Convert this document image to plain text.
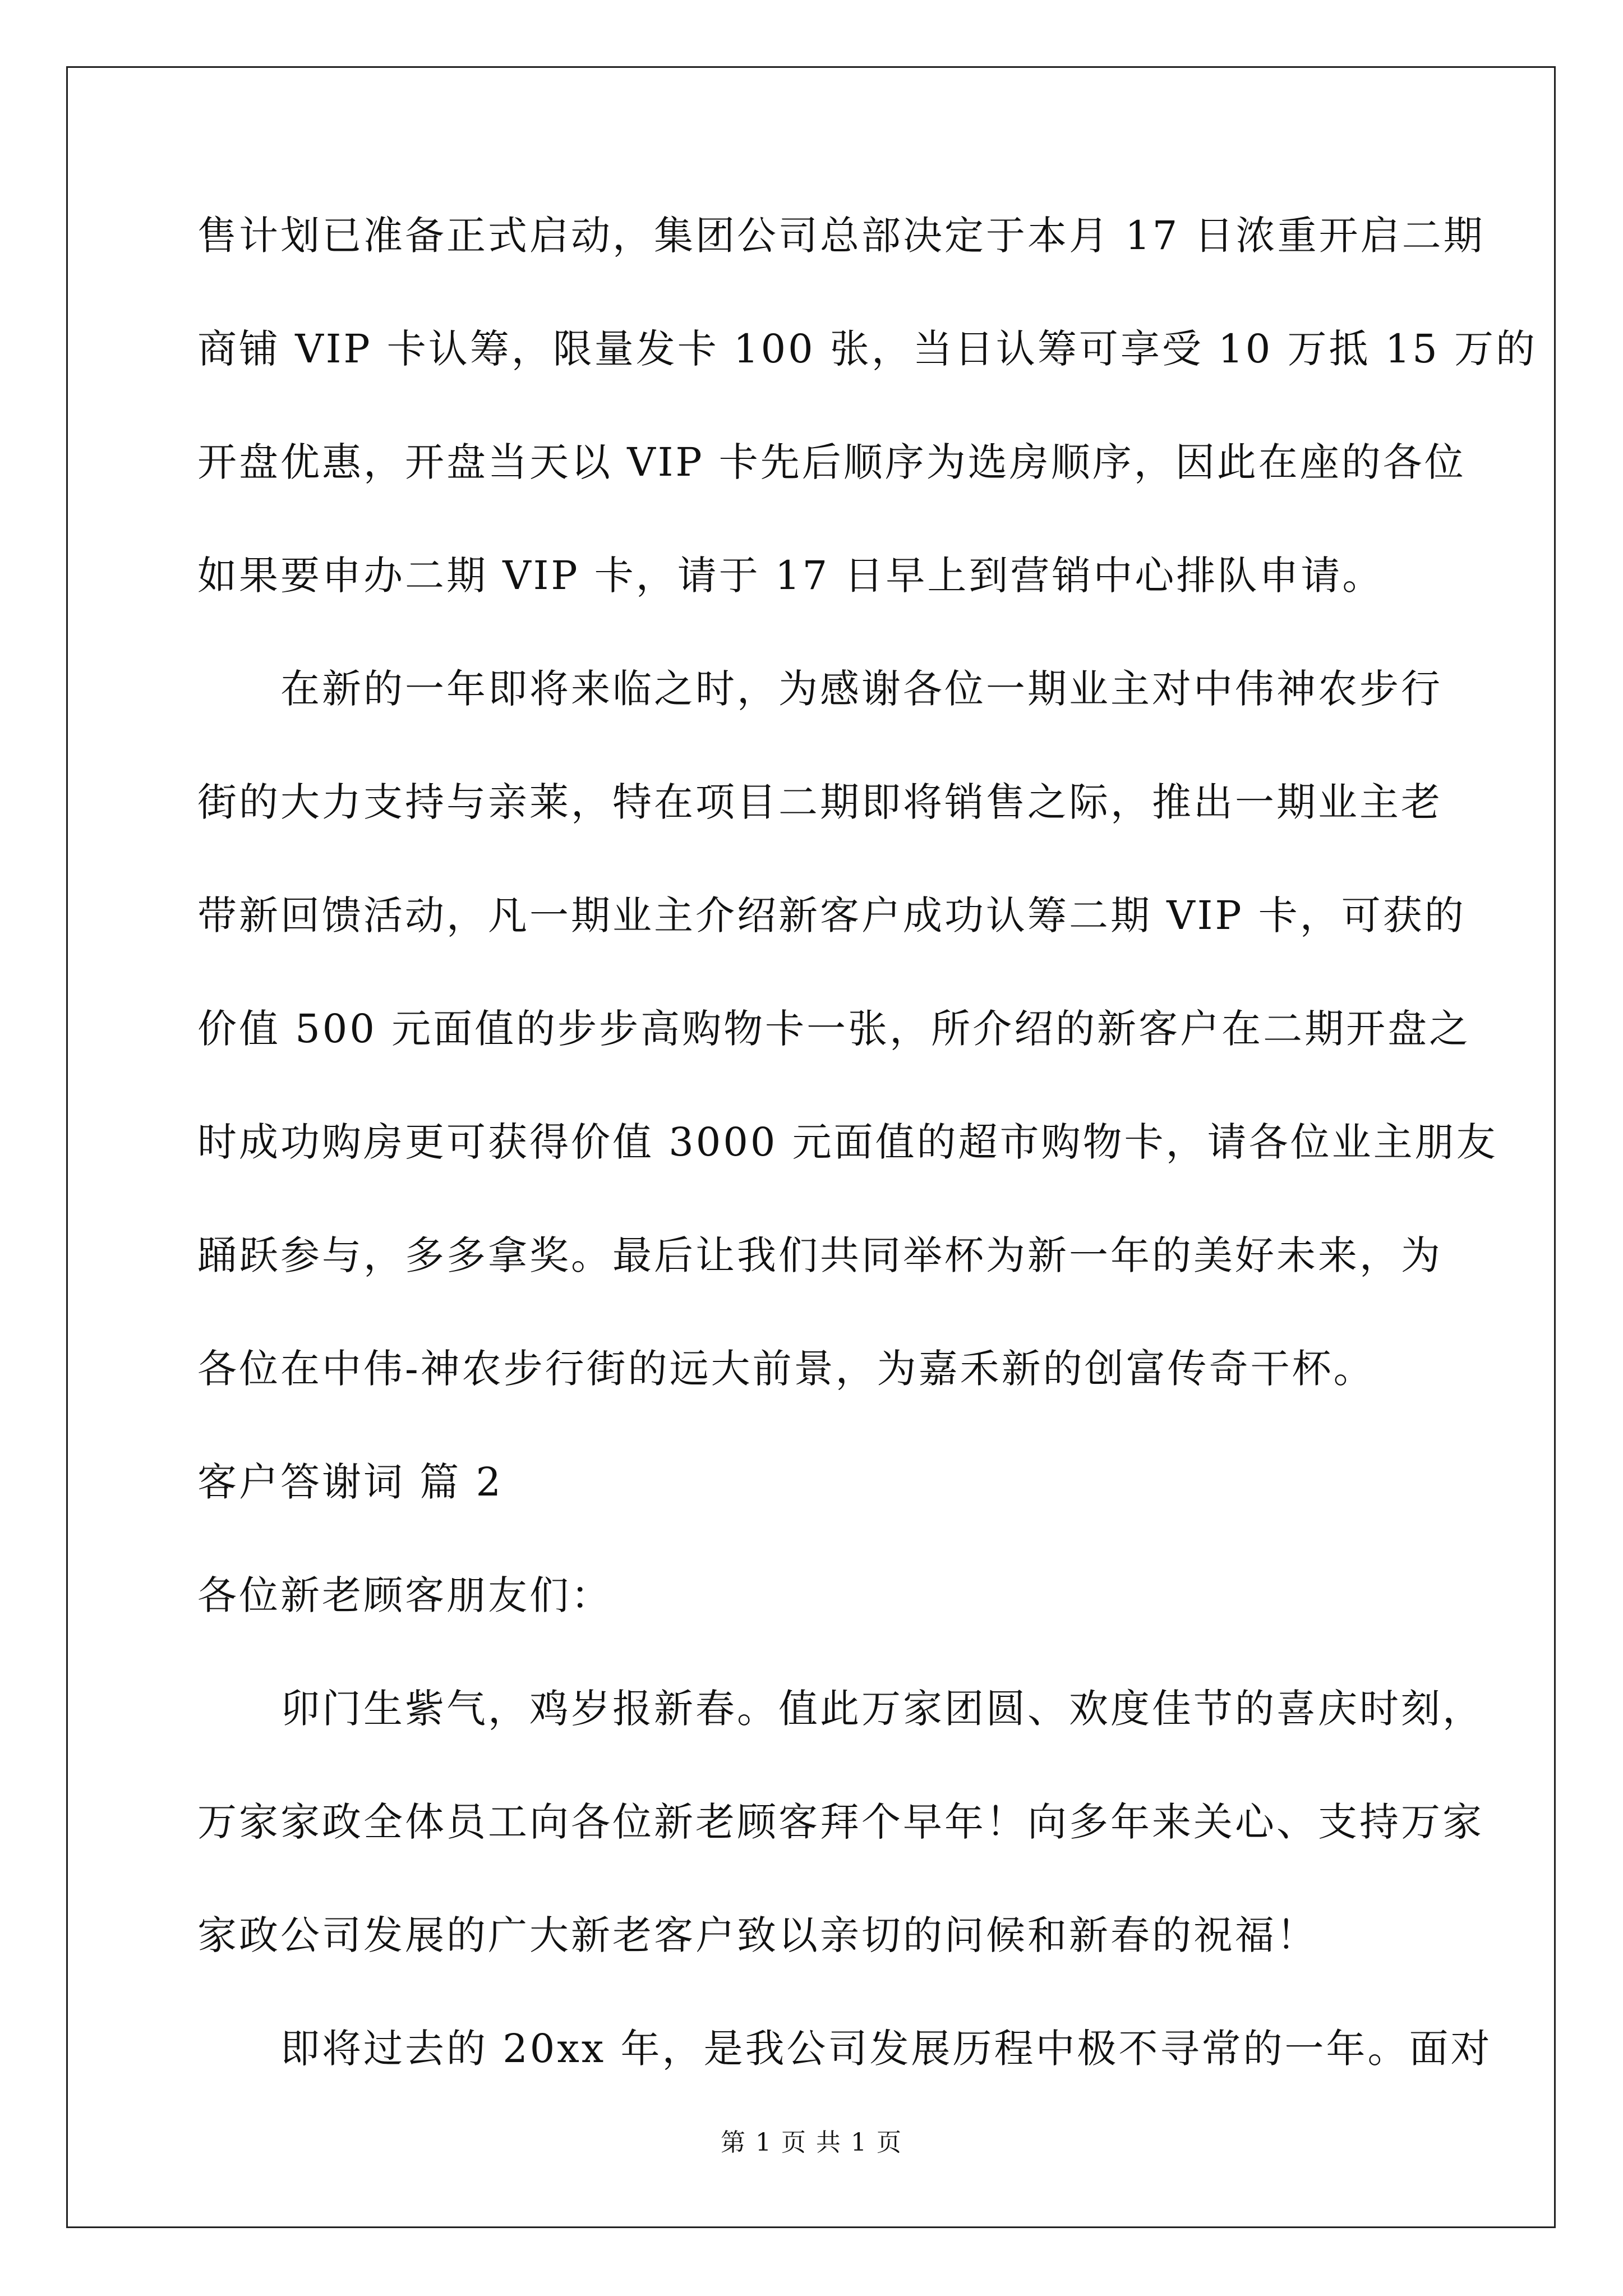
售计划已准备正式启动，集团公司总部决定于本月 17 日浓重开启二期
商铺 VIP 卡认筹，限量发卡 100 张，当日认筹可享受 10 万抵 15 万的
开盘优惠，开盘当天以 VIP 卡先后顺序为选房顺序，因此在座的各位
如果要申办二期 VIP 卡，请于 17 日早上到营销中心排队申请。
在新的一年即将来临之时，为感谢各位一期业主对中伟神农步行
街的大力支持与亲莱，特在项目二期即将销售之际，推出一期业主老
带新回馈活动，凡一期业主介绍新客户成功认筹二期 VIP 卡，可获的
价值 500 元面值的步步高购物卡一张，所介绍的新客户在二期开盘之
时成功购房更可获得价值 3000 元面值的超市购物卡，请各位业主朋友
踊跃参与，多多拿奖。最后让我们共同举杯为新一年的美好未来，为
各位在中伟-神农步行街的远大前景，为嘉禾新的创富传奇干杯。
客户答谢词 篇 2
各位新老顾客朋友们：
卯门生紫气，鸡岁报新春。值此万家团圆、欢度佳节的喜庆时刻，
万家家政全体员工向各位新老顾客拜个早年！向多年来关心、支持万家
家政公司发展的广大新老客户致以亲切的问候和新春的祝福！
即将过去的 20xx 年，是我公司发展历程中极不寻常的一年。面对
第 1 页 共 1 页
